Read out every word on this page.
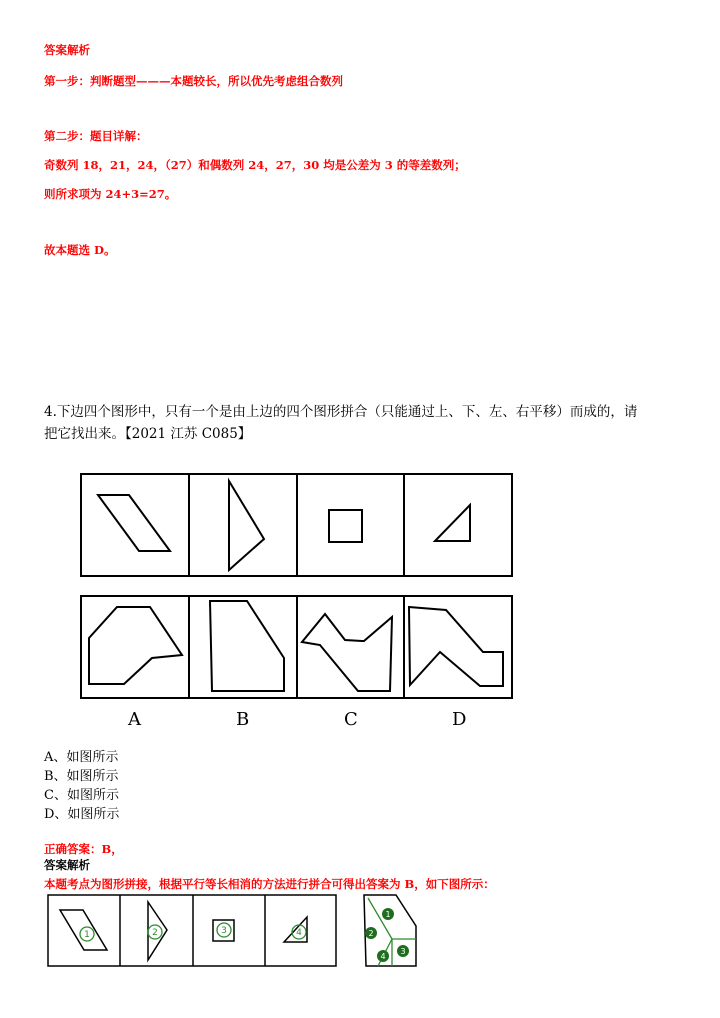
答案解析
第一步：判断题型———本题较长，所以优先考虑组合数列
第二步：题目详解：
奇数列 18，21，24，（27）和偶数列 24，27，30 均是公差为 3 的等差数列；
则所求项为 24+3=27。
故本题选 D。
4.下边四个图形中，只有一个是由上边的四个图形拼合（只能通过上、下、左、右平移）而成的，请
把它找出来。【2021 江苏 C085】
A	B	C	D
A、如图所示
B、如图所示
C、如图所示
D、如图所示
正确答案：B，
答案解析
本题考点为图形拼接，根据平行等长相消的方法进行拼合可得出答案为 B，如下图所示：
1	2	3	4
1
2
3
4
